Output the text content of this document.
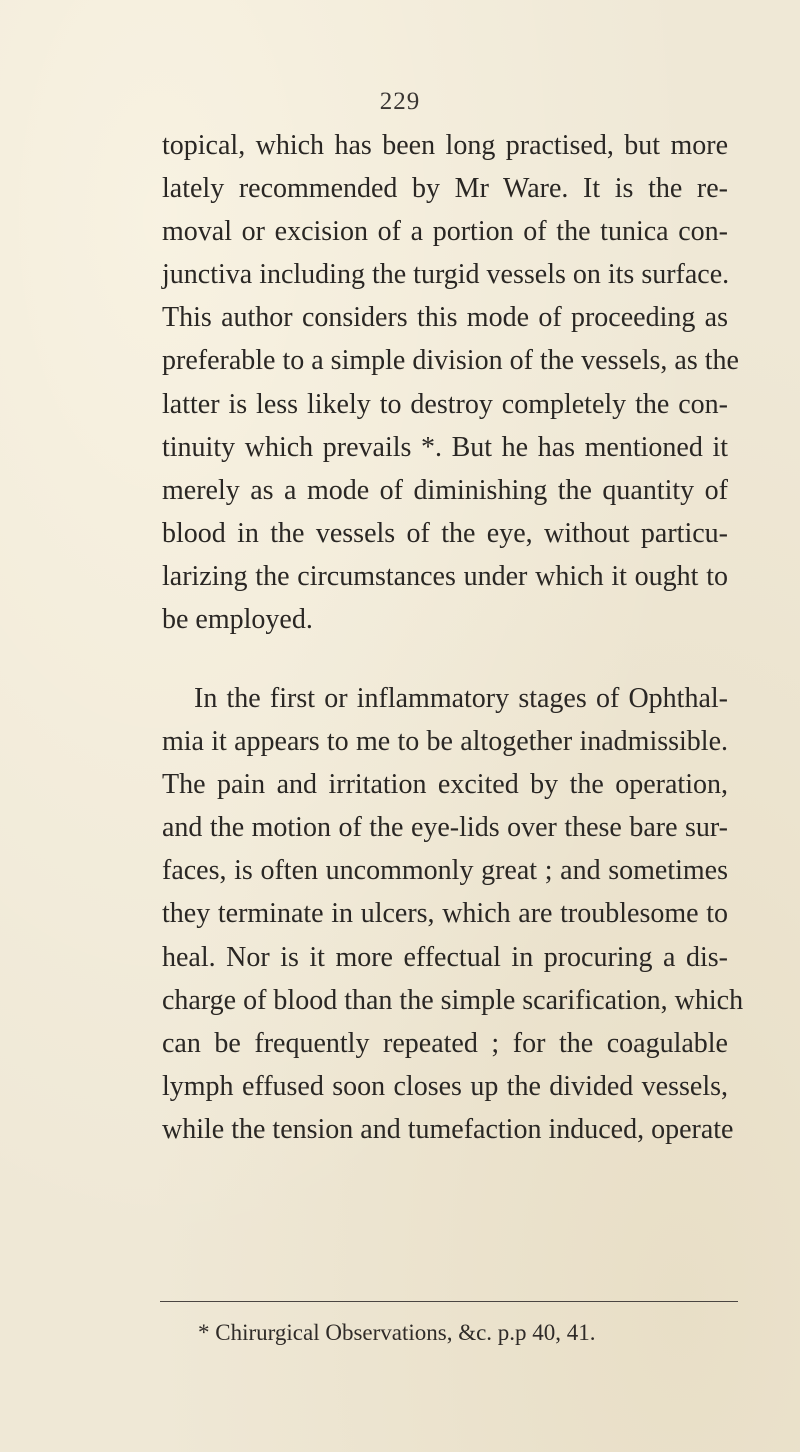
229
topical, which has been long practised, but more
lately recommended by Mr Ware. It is the re-
moval or excision of a portion of the tunica con-
junctiva including the turgid vessels on its surface.
This author considers this mode of proceeding as
preferable to a simple division of the vessels, as the
latter is less likely to destroy completely the con-
tinuity which prevails *. But he has mentioned it
merely as a mode of diminishing the quantity of
blood in the vessels of the eye, without particu-
larizing the circumstances under which it ought to
be employed.
In the first or inflammatory stages of Ophthal-
mia it appears to me to be altogether inadmissible.
The pain and irritation excited by the operation,
and the motion of the eye-lids over these bare sur-
faces, is often uncommonly great ; and sometimes
they terminate in ulcers, which are troublesome to
heal. Nor is it more effectual in procuring a dis-
charge of blood than the simple scarification, which
can be frequently repeated ; for the coagulable
lymph effused soon closes up the divided vessels,
while the tension and tumefaction induced, operate
* Chirurgical Observations, &c. p.p 40, 41.
